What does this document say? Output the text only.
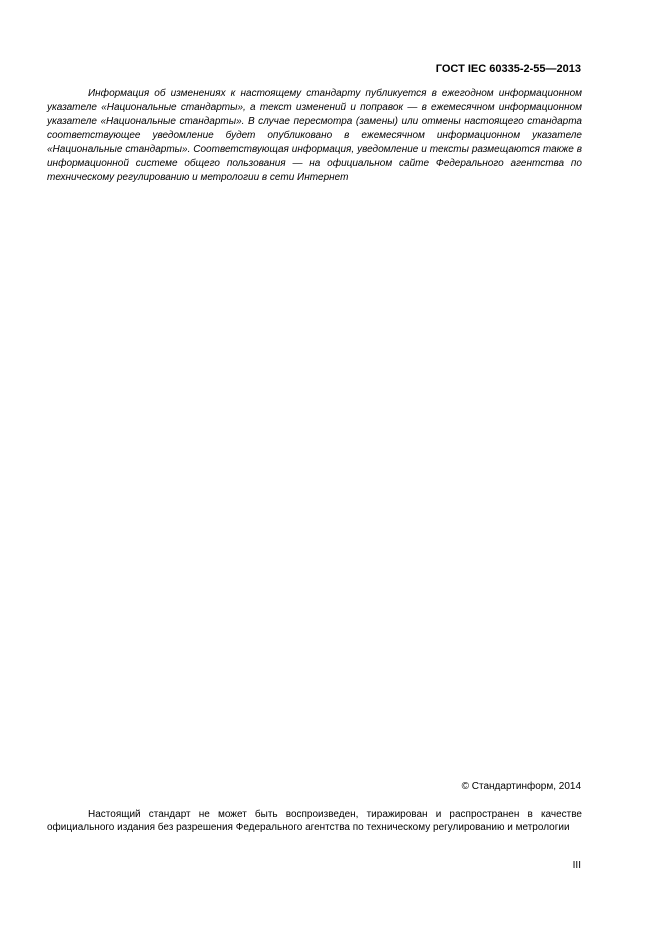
ГОСТ IEC 60335-2-55—2013

Информация об изменениях к настоящему стандарту публикуется в ежегодном информационном указателе «Национальные стандарты», а текст изменений и поправок — в ежемесячном информационном указателе «Национальные стандарты». В случае пересмотра (замены) или отмены настоящего стандарта соответствующее уведомление будет опубликовано в ежемесячном информационном указателе «Национальные стандарты». Соответствующая информация, уведомление и тексты размещаются также в информационной системе общего пользования — на официальном сайте Федерального агентства по техническому регулированию и метрологии в сети Интернет

© Стандартинформ, 2014

Настоящий стандарт не может быть воспроизведен, тиражирован и распространен в качестве официального издания без разрешения Федерального агентства по техническому регулированию и метрологии

III
